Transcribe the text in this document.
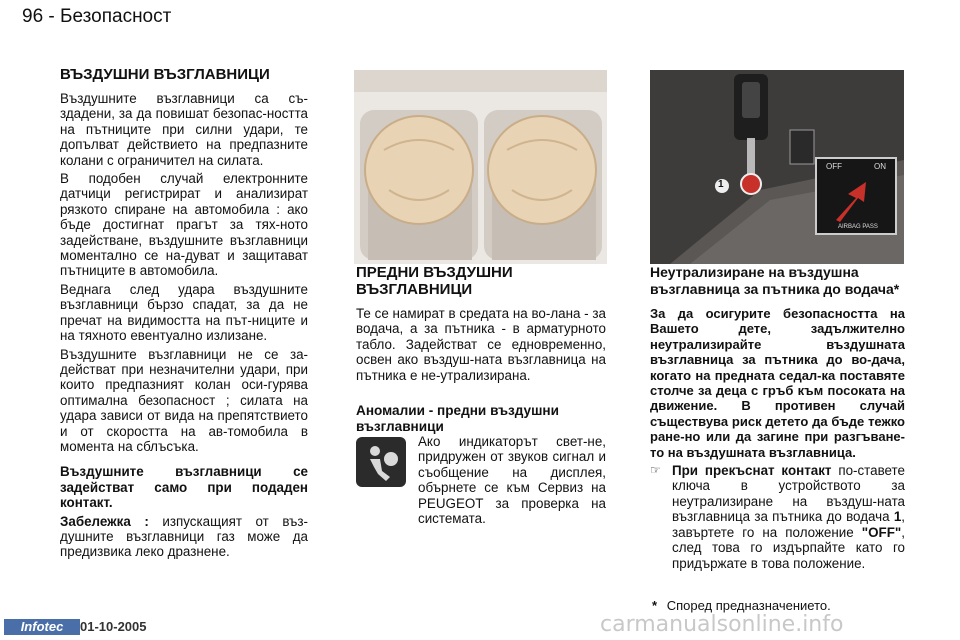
96 - Безопасност
ВЪЗДУШНИ ВЪЗГЛАВНИЦИ

Въздушните възглавници са съ-здадени, за да повишат безопас-ността на пътниците при силни удари, те допълват действието на предпазните колани с ограничител на силата.

В подобен случай електронните датчици регистрират и анализират рязкото спиране на автомобила : ако бъде достигнат прагът за тях-ното задействане, въздушните възглавници моментално се на-дуват и защитават пътниците в автомобила.

Веднага след удара въздушните възглавници бързо спадат, за да не пречат на видимостта на път-ниците и на тяхното евентуално излизане.

Въздушните възглавници не се за-действат при незначителни удари, при които предпазният колан оси-гурява оптимална безопасност ; силата на удара зависи от вида на препятствието и от скоростта на ав-томобила в момента на сблъсъка.

Въздушните възглавници се задействат само при подаден контакт.

Забележка : изпускащият от въз-душните възглавници газ може да предизвика леко дразнене.

ПРЕДНИ ВЪЗДУШНИ ВЪЗГЛАВНИЦИ
Те се намират в средата на во-лана - за водача, а за пътника - в арматурното табло. Задействат се едновременно, освен ако въздуш-ната възглавница на пътника е не-утрализирана.
Аномалии - предни въздушни възглавници
Ако индикаторът свет-не, придружен от звуков сигнал и съобщение на дисплея, обърнете се към Сервиз на PEUGEOT за проверка на системата.
1
OFF	ON
AIRBAG PASS
Неутрализиране на въздушна възглавница за пътника до водача*
За да осигурите безопасността на Вашето дете, задължително неутрализирайте въздушната възглавница за пътника до во-дача, когато на предната седал-ка поставяте столче за деца с гръб към посоката на движение. В противен случай съществува риск детето да бъде тежко ране-но или да загине при разгъване-то на въздушната възглавница.
☞ При прекъснат контакт по-ставете ключа в устройството за неутрализиране на въздуш-ната възглавница за пътника до водача 1, завъртете го на положение "OFF", след това го издърпайте като го придържате в това положение.
* Според предназначението.
Infotec	01-10-2005	carmanualsonline.info
